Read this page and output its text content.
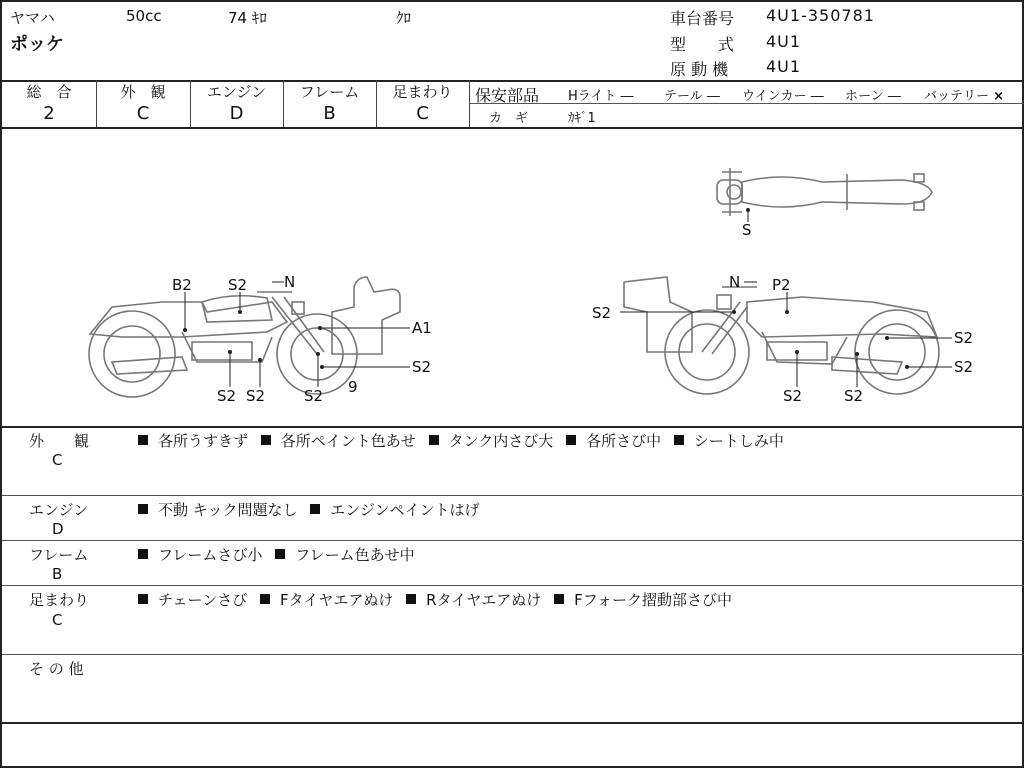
ヤマハ	50cc	74 ｷﾛ	ｸﾛ
ポッケ
車台番号 4U1-350781
型　　式 4U1
原 動 機 4U1
総　合
2
外　観
C
エンジン
D
フレーム
B
足まわり
C
保安部品 Hライト ― テール ― ウインカー ― ホーン ― バッテリー ×
カ　ギ	ｶｷﾞ1
S
B2 S2 N
A1
S2
9
S2 S2	S2
N P2
S2
S2
S2
S2	S2
外　　観
C
各所うすきず 各所ペイント色あせ タンク内さび大 各所さび中 シートしみ中
エンジン
D
不動 キック問題なし エンジンペイントはげ
フレーム
B
フレームさび小 フレーム色あせ中
足まわり
C
チェーンさび Fタイヤエアぬけ Rタイヤエアぬけ Fフォーク摺動部さび中
そ の 他
